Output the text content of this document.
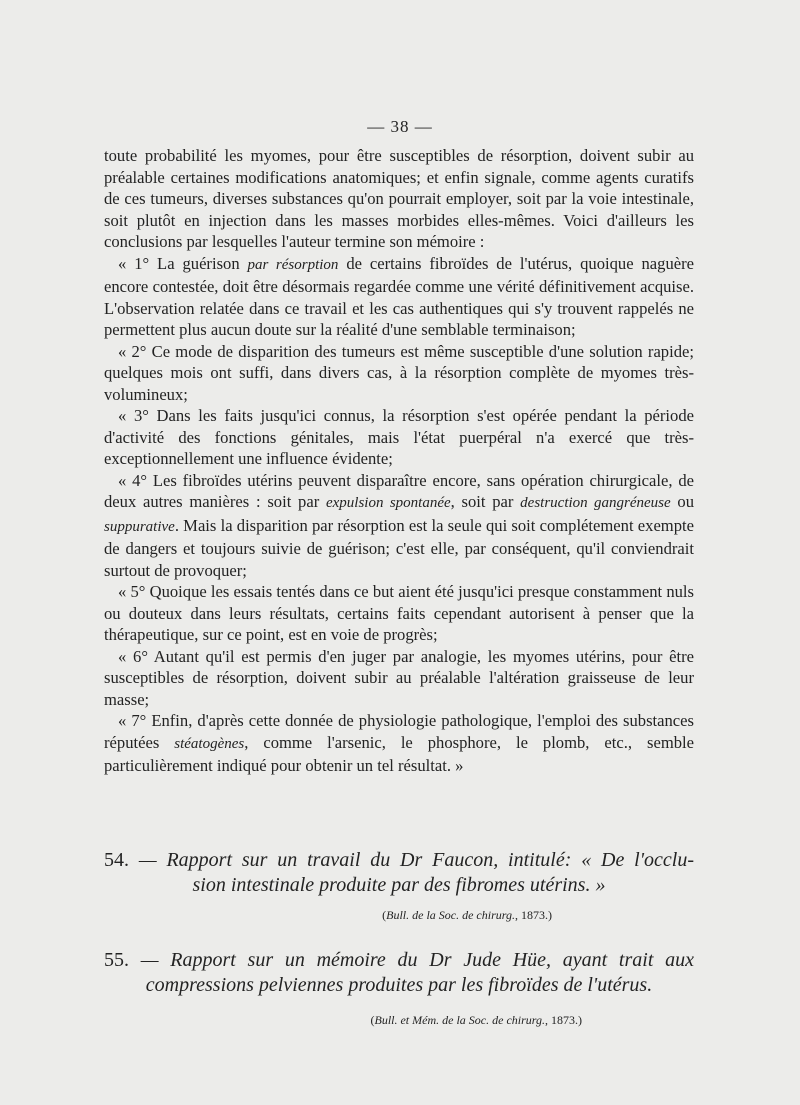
— 38 —

toute probabilité les myomes, pour être susceptibles de résorption, doivent subir au préalable certaines modifications anatomiques; et enfin signale, comme agents curatifs de ces tumeurs, diverses substances qu'on pourrait employer, soit par la voie intestinale, soit plutôt en injection dans les masses morbides elles-mêmes. Voici d'ailleurs les conclusions par lesquelles l'auteur termine son mémoire :

« 1° La guérison par résorption de certains fibroïdes de l'utérus, quoique naguère encore contestée, doit être désormais regardée comme une vérité définitivement acquise. L'observation relatée dans ce travail et les cas authentiques qui s'y trouvent rappelés ne permettent plus aucun doute sur la réalité d'une semblable terminaison;

« 2° Ce mode de disparition des tumeurs est même susceptible d'une solution rapide; quelques mois ont suffi, dans divers cas, à la résorption complète de myomes très-volumineux;

« 3° Dans les faits jusqu'ici connus, la résorption s'est opérée pendant la période d'activité des fonctions génitales, mais l'état puerpéral n'a exercé que très-exceptionnellement une influence évidente;

« 4° Les fibroïdes utérins peuvent disparaître encore, sans opération chirurgicale, de deux autres manières : soit par expulsion spontanée, soit par destruction gangréneuse ou suppurative. Mais la disparition par résorption est la seule qui soit complétement exempte de dangers et toujours suivie de guérison; c'est elle, par conséquent, qu'il conviendrait surtout de provoquer;

« 5° Quoique les essais tentés dans ce but aient été jusqu'ici presque constamment nuls ou douteux dans leurs résultats, certains faits cependant autorisent à penser que la thérapeutique, sur ce point, est en voie de progrès;

« 6° Autant qu'il est permis d'en juger par analogie, les myomes utérins, pour être susceptibles de résorption, doivent subir au préalable l'altération graisseuse de leur masse;

« 7° Enfin, d'après cette donnée de physiologie pathologique, l'emploi des substances réputées stéatogènes, comme l'arsenic, le phosphore, le plomb, etc., semble particulièrement indiqué pour obtenir un tel résultat. »

54. — Rapport sur un travail du Dr Faucon, intitulé: « De l'occlu-
sion intestinale produite par des fibromes utérins. »
(Bull. de la Soc. de chirurg., 1873.)
55. — Rapport sur un mémoire du Dr Jude Hüe, ayant trait aux
compressions pelviennes produites par les fibroïdes de l'utérus.
(Bull. et Mém. de la Soc. de chirurg., 1873.)
